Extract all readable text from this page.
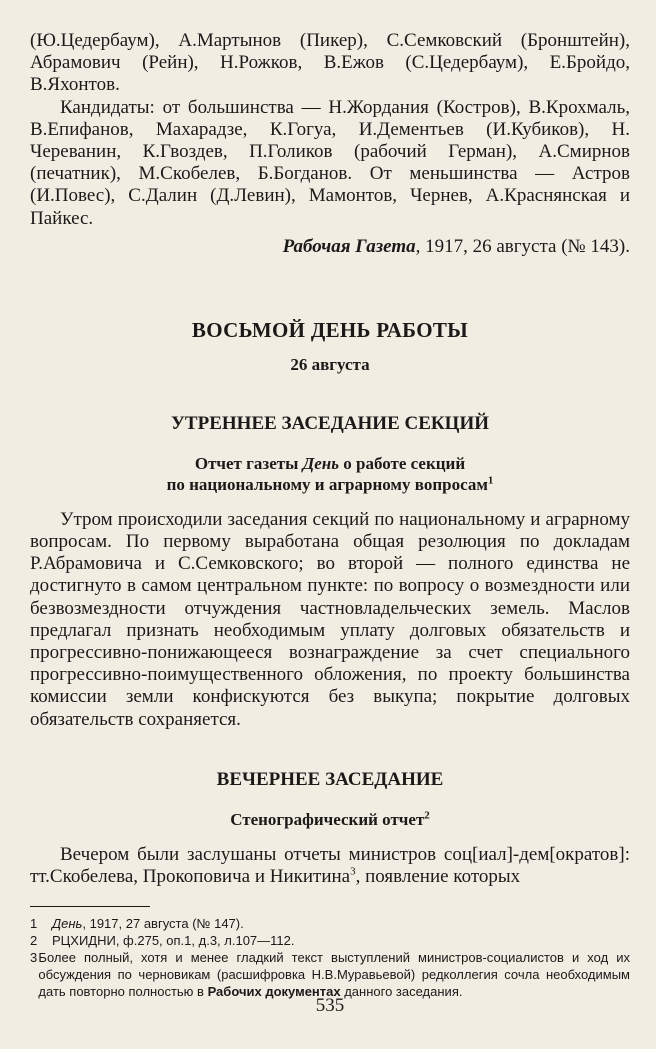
(Ю.Цедербаум), А.Мартынов (Пикер), С.Семковский (Бронштейн), Абрамович (Рейн), Н.Рожков, В.Ежов (С.Цедербаум), Е.Бройдо, В.Яхонтов.

Кандидаты: от большинства — Н.Жордания (Костров), В.Крохмаль, В.Епифанов, Махарадзе, К.Гогуа, И.Дементьев (И.Кубиков), Н. Череванин, К.Гвоздев, П.Голиков (рабочий Герман), А.Смирнов (печатник), М.Скобелев, Б.Богданов. От меньшинства — Астров (И.Повес), С.Далин (Д.Левин), Мамонтов, Чернев, А.Краснянская и Пайкес.

Рабочая Газета, 1917, 26 августа (№ 143).

ВОСЬМОЙ ДЕНЬ РАБОТЫ
26 августа
УТРЕННЕЕ ЗАСЕДАНИЕ СЕКЦИЙ
Отчет газеты День о работе секций
по национальному и аграрному вопросам$^1$

Утром происходили заседания секций по национальному и аграрному вопросам. По первому выработана общая резолюция по докладам Р.Абрамовича и С.Семковского; во второй — полного единства не достигнуто в самом центральном пункте: по вопросу о возмездности или безвозмездности отчуждения частновладельческих земель. Маслов предлагал признать необходимым уплату долговых обязательств и прогрессивно-понижающееся вознаграждение за счет специального прогрессивно-поимущественного обложения, по проекту большинства комиссии земли конфискуются без выкупа; покрытие долговых обязательств сохраняется.

ВЕЧЕРНЕЕ ЗАСЕДАНИЕ
Стенографический отчет$^2$

Вечером были заслушаны отчеты министров соц[иал]-дем[ократов]: тт.Скобелева, Прокоповича и Никитина$^3$, появление которых

1	День, 1917, 27 августа (№ 147).
2	РЦХИДНИ, ф.275, оп.1, д.3, л.107—112.
3 Более полный, хотя и менее гладкий текст выступлений министров-социалистов и ход их обсуждения по черновикам (расшифровка Н.В.Муравьевой) редколлегия сочла необходимым дать повторно полностью в Рабочих документах данного заседания.
535
